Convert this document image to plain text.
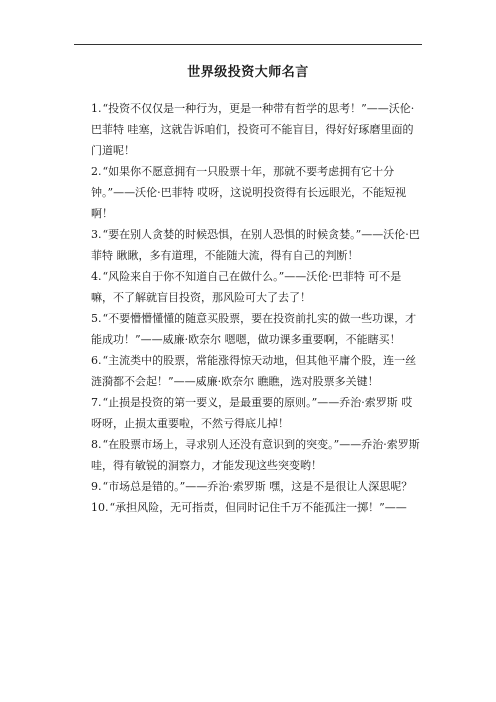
世界级投资大师名言

1.“投资不仅仅是一种行为，更是一种带有哲学的思考！”——沃伦·巴菲特 哇塞，这就告诉咱们，投资可不能盲目，得好好琢磨里面的门道呢！

2.“如果你不愿意拥有一只股票十年，那就不要考虑拥有它十分钟。”——沃伦·巴菲特 哎呀，这说明投资得有长远眼光，不能短视啊！

3.“要在别人贪婪的时候恐惧，在别人恐惧的时候贪婪。”——沃伦·巴菲特 瞅瞅，多有道理，不能随大流，得有自己的判断！

4.“风险来自于你不知道自己在做什么。”——沃伦·巴菲特 可不是嘛，不了解就盲目投资，那风险可大了去了！

5.“不要懵懵懂懂的随意买股票，要在投资前扎实的做一些功课，才能成功！”——威廉·欧奈尔 嗯嗯，做功课多重要啊，不能瞎买！

6.“主流类中的股票，常能涨得惊天动地，但其他平庸个股，连一丝涟漪都不会起！”——威廉·欧奈尔 瞧瞧，选对股票多关键！

7.“止损是投资的第一要义，是最重要的原则。”——乔治·索罗斯 哎呀呀，止损太重要啦，不然亏得底儿掉！

8.“在股票市场上，寻求别人还没有意识到的突变。”——乔治·索罗斯 哇，得有敏锐的洞察力，才能发现这些突变哟！

9.“市场总是错的。”——乔治·索罗斯 嘿，这是不是很让人深思呢？

10.“承担风险，无可指责，但同时记住千万不能孤注一掷！”——
